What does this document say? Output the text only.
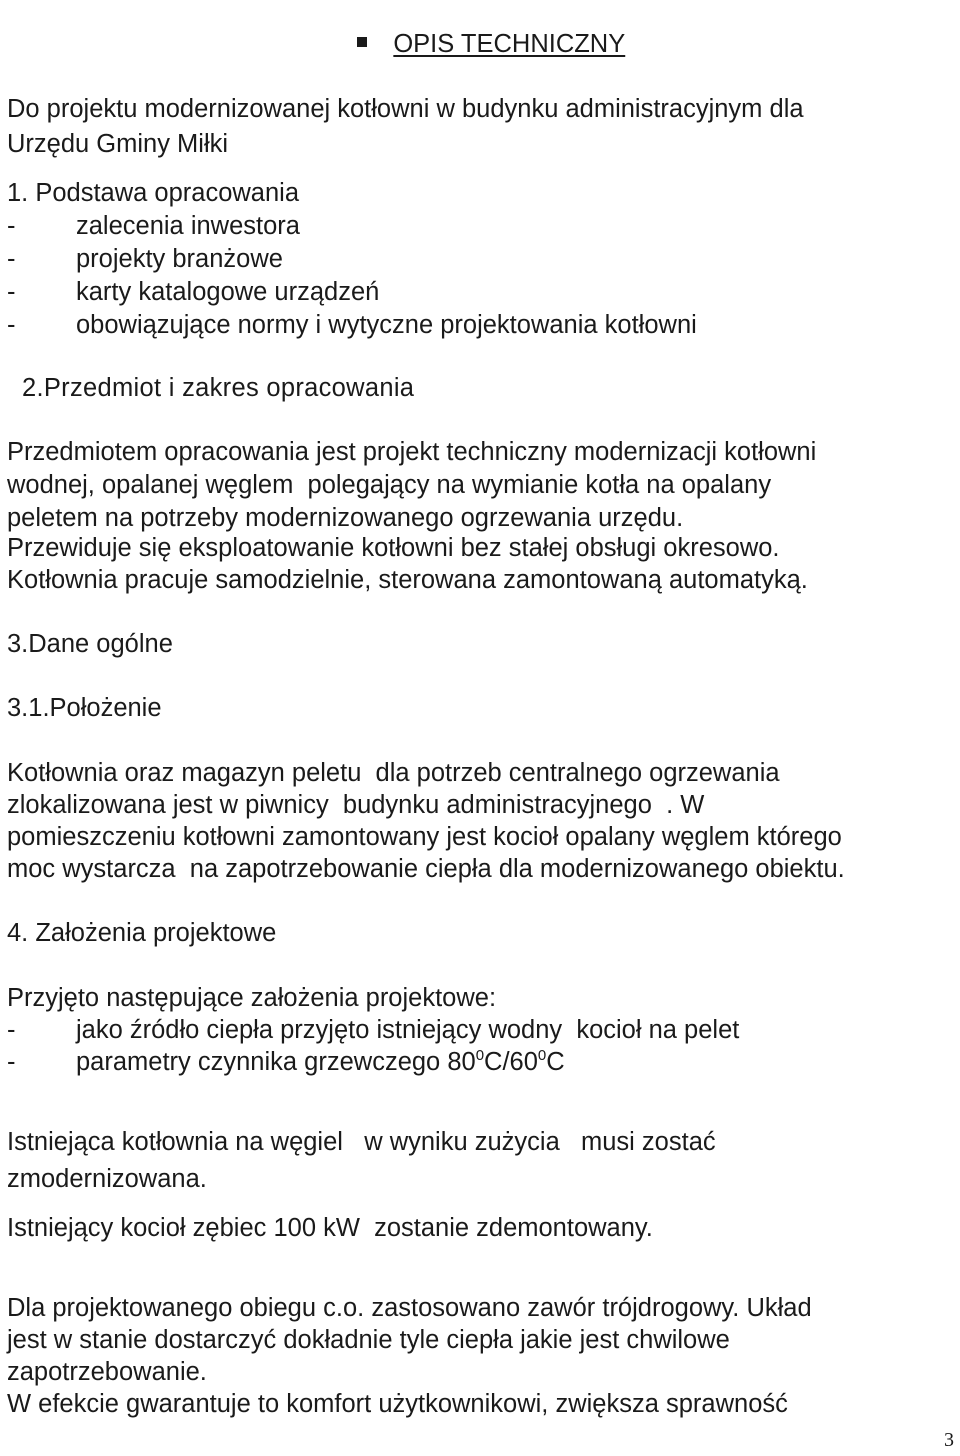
OPIS TECHNICZNY

Do projektu modernizowanej kotłowni w budynku administracyjnym dla
Urzędu Gminy Miłki
1. Podstawa opracowania
- zalecenia inwestora
- projekty branżowe
- karty katalogowe urządzeń
- obowiązujące normy i wytyczne projektowania kotłowni
2.Przedmiot i zakres opracowania
Przedmiotem opracowania jest projekt techniczny modernizacji kotłowni
wodnej, opalanej węglem  polegający na wymianie kotła na opalany
peletem na potrzeby modernizowanego ogrzewania urzędu.
Przewiduje się eksploatowanie kotłowni bez stałej obsługi okresowo.
Kotłownia pracuje samodzielnie, sterowana zamontowaną automatyką.
3.Dane ogólne
3.1.Położenie
Kotłownia oraz magazyn peletu  dla potrzeb centralnego ogrzewania
zlokalizowana jest w piwnicy  budynku administracyjnego  . W
pomieszczeniu kotłowni zamontowany jest kocioł opalany węglem którego
moc wystarcza  na zapotrzebowanie ciepła dla modernizowanego obiektu.
4. Założenia projektowe
Przyjęto następujące założenia projektowe:
- jako źródło ciepła przyjęto istniejący wodny  kocioł na pelet
- parametry czynnika grzewczego $80^0C/60^0C$
Istniejąca kotłownia na węgiel   w wyniku zużycia   musi zostać
zmodernizowana.
Istniejący kocioł zębiec 100 kW  zostanie zdemontowany.
Dla projektowanego obiegu c.o. zastosowano zawór trójdrogowy. Układ
jest w stanie dostarczyć dokładnie tyle ciepła jakie jest chwilowe
zapotrzebowanie.
W efekcie gwarantuje to komfort użytkownikowi, zwiększa sprawność
3
